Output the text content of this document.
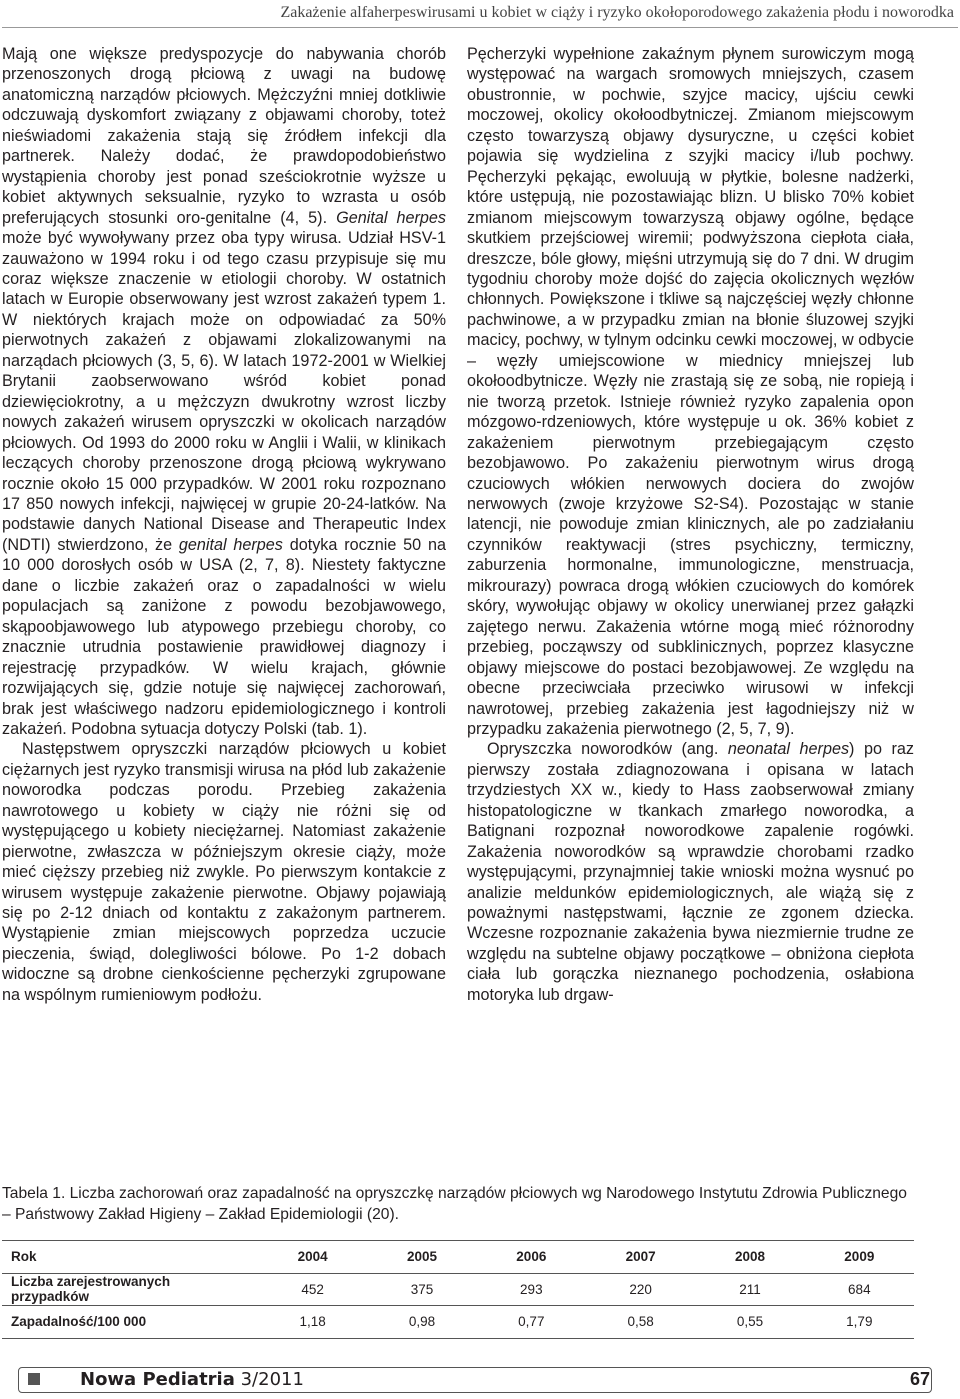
Zakażenie alfaherpeswirusami u kobiet w ciąży i ryzyko okołoporodowego zakażenia płodu i noworodka

Mają one większe predyspozycje do nabywania chorób przenoszonych drogą płciową z uwagi na budowę anatomiczną narządów płciowych. Mężczyźni mniej dotkliwie odczuwają dyskomfort związany z objawami choroby, toteż nieświadomi zakażenia stają się źródłem infekcji dla partnerek. Należy dodać, że prawdopodobieństwo wystąpienia choroby jest ponad sześciokrotnie wyższe u kobiet aktywnych seksualnie, ryzyko to wzrasta u osób preferujących stosunki oro-genitalne (4, 5). Genital herpes może być wywoływany przez oba typy wirusa. Udział HSV-1 zauważono w 1994 roku i od tego czasu przypisuje się mu coraz większe znaczenie w etiologii choroby. W ostatnich latach w Europie obserwowany jest wzrost zakażeń typem 1. W niektórych krajach może on odpowiadać za 50% pierwotnych zakażeń z objawami zlokalizowanymi na narządach płciowych (3, 5, 6). W latach 1972-2001 w Wielkiej Brytanii zaobserwowano wśród kobiet ponad dziewięciokrotny, a u mężczyzn dwukrotny wzrost liczby nowych zakażeń wirusem opryszczki w okolicach narządów płciowych. Od 1993 do 2000 roku w Anglii i Walii, w klinikach leczących choroby przenoszone drogą płciową wykrywano rocznie około 15 000 przypadków. W 2001 roku rozpoznano 17 850 nowych infekcji, najwięcej w grupie 20-24-latków. Na podstawie danych National Disease and Therapeutic Index (NDTI) stwierdzono, że genital herpes dotyka rocznie 50 na 10 000 dorosłych osób w USA (2, 7, 8). Niestety faktyczne dane o liczbie zakażeń oraz o zapadalności w wielu populacjach są zaniżone z powodu bezobjawowego, skąpoobjawowego lub atypowego przebiegu choroby, co znacznie utrudnia postawienie prawidłowej diagnozy i rejestrację przypadków. W wielu krajach, głównie rozwijających się, gdzie notuje się najwięcej zachorowań, brak jest właściwego nadzoru epidemiologicznego i kontroli zakażeń. Podobna sytuacja dotyczy Polski (tab. 1).

Następstwem opryszczki narządów płciowych u kobiet ciężarnych jest ryzyko transmisji wirusa na płód lub zakażenie noworodka podczas porodu. Przebieg zakażenia nawrotowego u kobiety w ciąży nie różni się od występującego u kobiety nieciężarnej. Natomiast zakażenie pierwotne, zwłaszcza w późniejszym okresie ciąży, może mieć cięższy przebieg niż zwykle. Po pierwszym kontakcie z wirusem występuje zakażenie pierwotne. Objawy pojawiają się po 2-12 dniach od kontaktu z zakażonym partnerem. Wystąpienie zmian miejscowych poprzedza uczucie pieczenia, świąd, dolegliwości bólowe. Po 1-2 dobach widoczne są drobne cienkościenne pęcherzyki zgrupowane na wspólnym rumieniowym podłożu.

Pęcherzyki wypełnione zakaźnym płynem surowiczym mogą występować na wargach sromowych mniejszych, czasem obustronnie, w pochwie, szyjce macicy, ujściu cewki moczowej, okolicy okołoodbytniczej. Zmianom miejscowym często towarzyszą objawy dysuryczne, u części kobiet pojawia się wydzielina z szyjki macicy i/lub pochwy. Pęcherzyki pękając, ewoluują w płytkie, bolesne nadżerki, które ustępują, nie pozostawiając blizn. U blisko 70% kobiet zmianom miejscowym towarzyszą objawy ogólne, będące skutkiem przejściowej wiremii; podwyższona ciepłota ciała, dreszcze, bóle głowy, mięśni utrzymują się do 7 dni. W drugim tygodniu choroby może dojść do zajęcia okolicznych węzłów chłonnych. Powiększone i tkliwe są najczęściej węzły chłonne pachwinowe, a w przypadku zmian na błonie śluzowej szyjki macicy, pochwy, w tylnym odcinku cewki moczowej, w odbycie – węzły umiejscowione w miednicy mniejszej lub okołoodbytnicze. Węzły nie zrastają się ze sobą, nie ropieją i nie tworzą przetok. Istnieje również ryzyko zapalenia opon mózgowo-rdzeniowych, które występuje u ok. 36% kobiet z zakażeniem pierwotnym przebiegającym często bezobjawowo. Po zakażeniu pierwotnym wirus drogą czuciowych włókien nerwowych dociera do zwojów nerwowych (zwoje krzyżowe S2-S4). Pozostając w stanie latencji, nie powoduje zmian klinicznych, ale po zadziałaniu czynników reaktywacji (stres psychiczny, termiczny, zaburzenia hormonalne, immunologiczne, menstruacja, mikrourazy) powraca drogą włókien czuciowych do komórek skóry, wywołując objawy w okolicy unerwianej przez gałązki zajętego nerwu. Zakażenia wtórne mogą mieć różnorodny przebieg, począwszy od subklinicznych, poprzez klasyczne objawy miejscowe do postaci bezobjawowej. Ze względu na obecne przeciwciała przeciwko wirusowi w infekcji nawrotowej, przebieg zakażenia jest łagodniejszy niż w przypadku zakażenia pierwotnego (2, 5, 7, 9).

Opryszczka noworodków (ang. neonatal herpes) po raz pierwszy została zdiagnozowana i opisana w latach trzydziestych XX w., kiedy to Hass zaobserwował zmiany histopatologiczne w tkankach zmarłego noworodka, a Batignani rozpoznał noworodkowe zapalenie rogówki. Zakażenia noworodków są wprawdzie chorobami rzadko występującymi, przynajmniej takie wnioski można wysnuć po analizie meldunków epidemiologicznych, ale wiążą się z poważnymi następstwami, łącznie ze zgonem dziecka. Wczesne rozpoznanie zakażenia bywa niezmiernie trudne ze względu na subtelne objawy początkowe – obniżona ciepłota ciała lub gorączka nieznanego pochodzenia, osłabiona motoryka lub drgaw-

Tabela 1. Liczba zachorowań oraz zapadalność na opryszczkę narządów płciowych wg Narodowego Instytutu Zdrowia Publicznego – Państwowy Zakład Higieny – Zakład Epidemiologii (20).
Rok	2004	2005	2006	2007	2008	2009
Liczba zarejestrowanych przypadków	452	375	293	220	211	684
Zapadalność/100 000	1,18	0,98	0,77	0,58	0,55	1,79
Nowa Pediatria 3/2011	67
